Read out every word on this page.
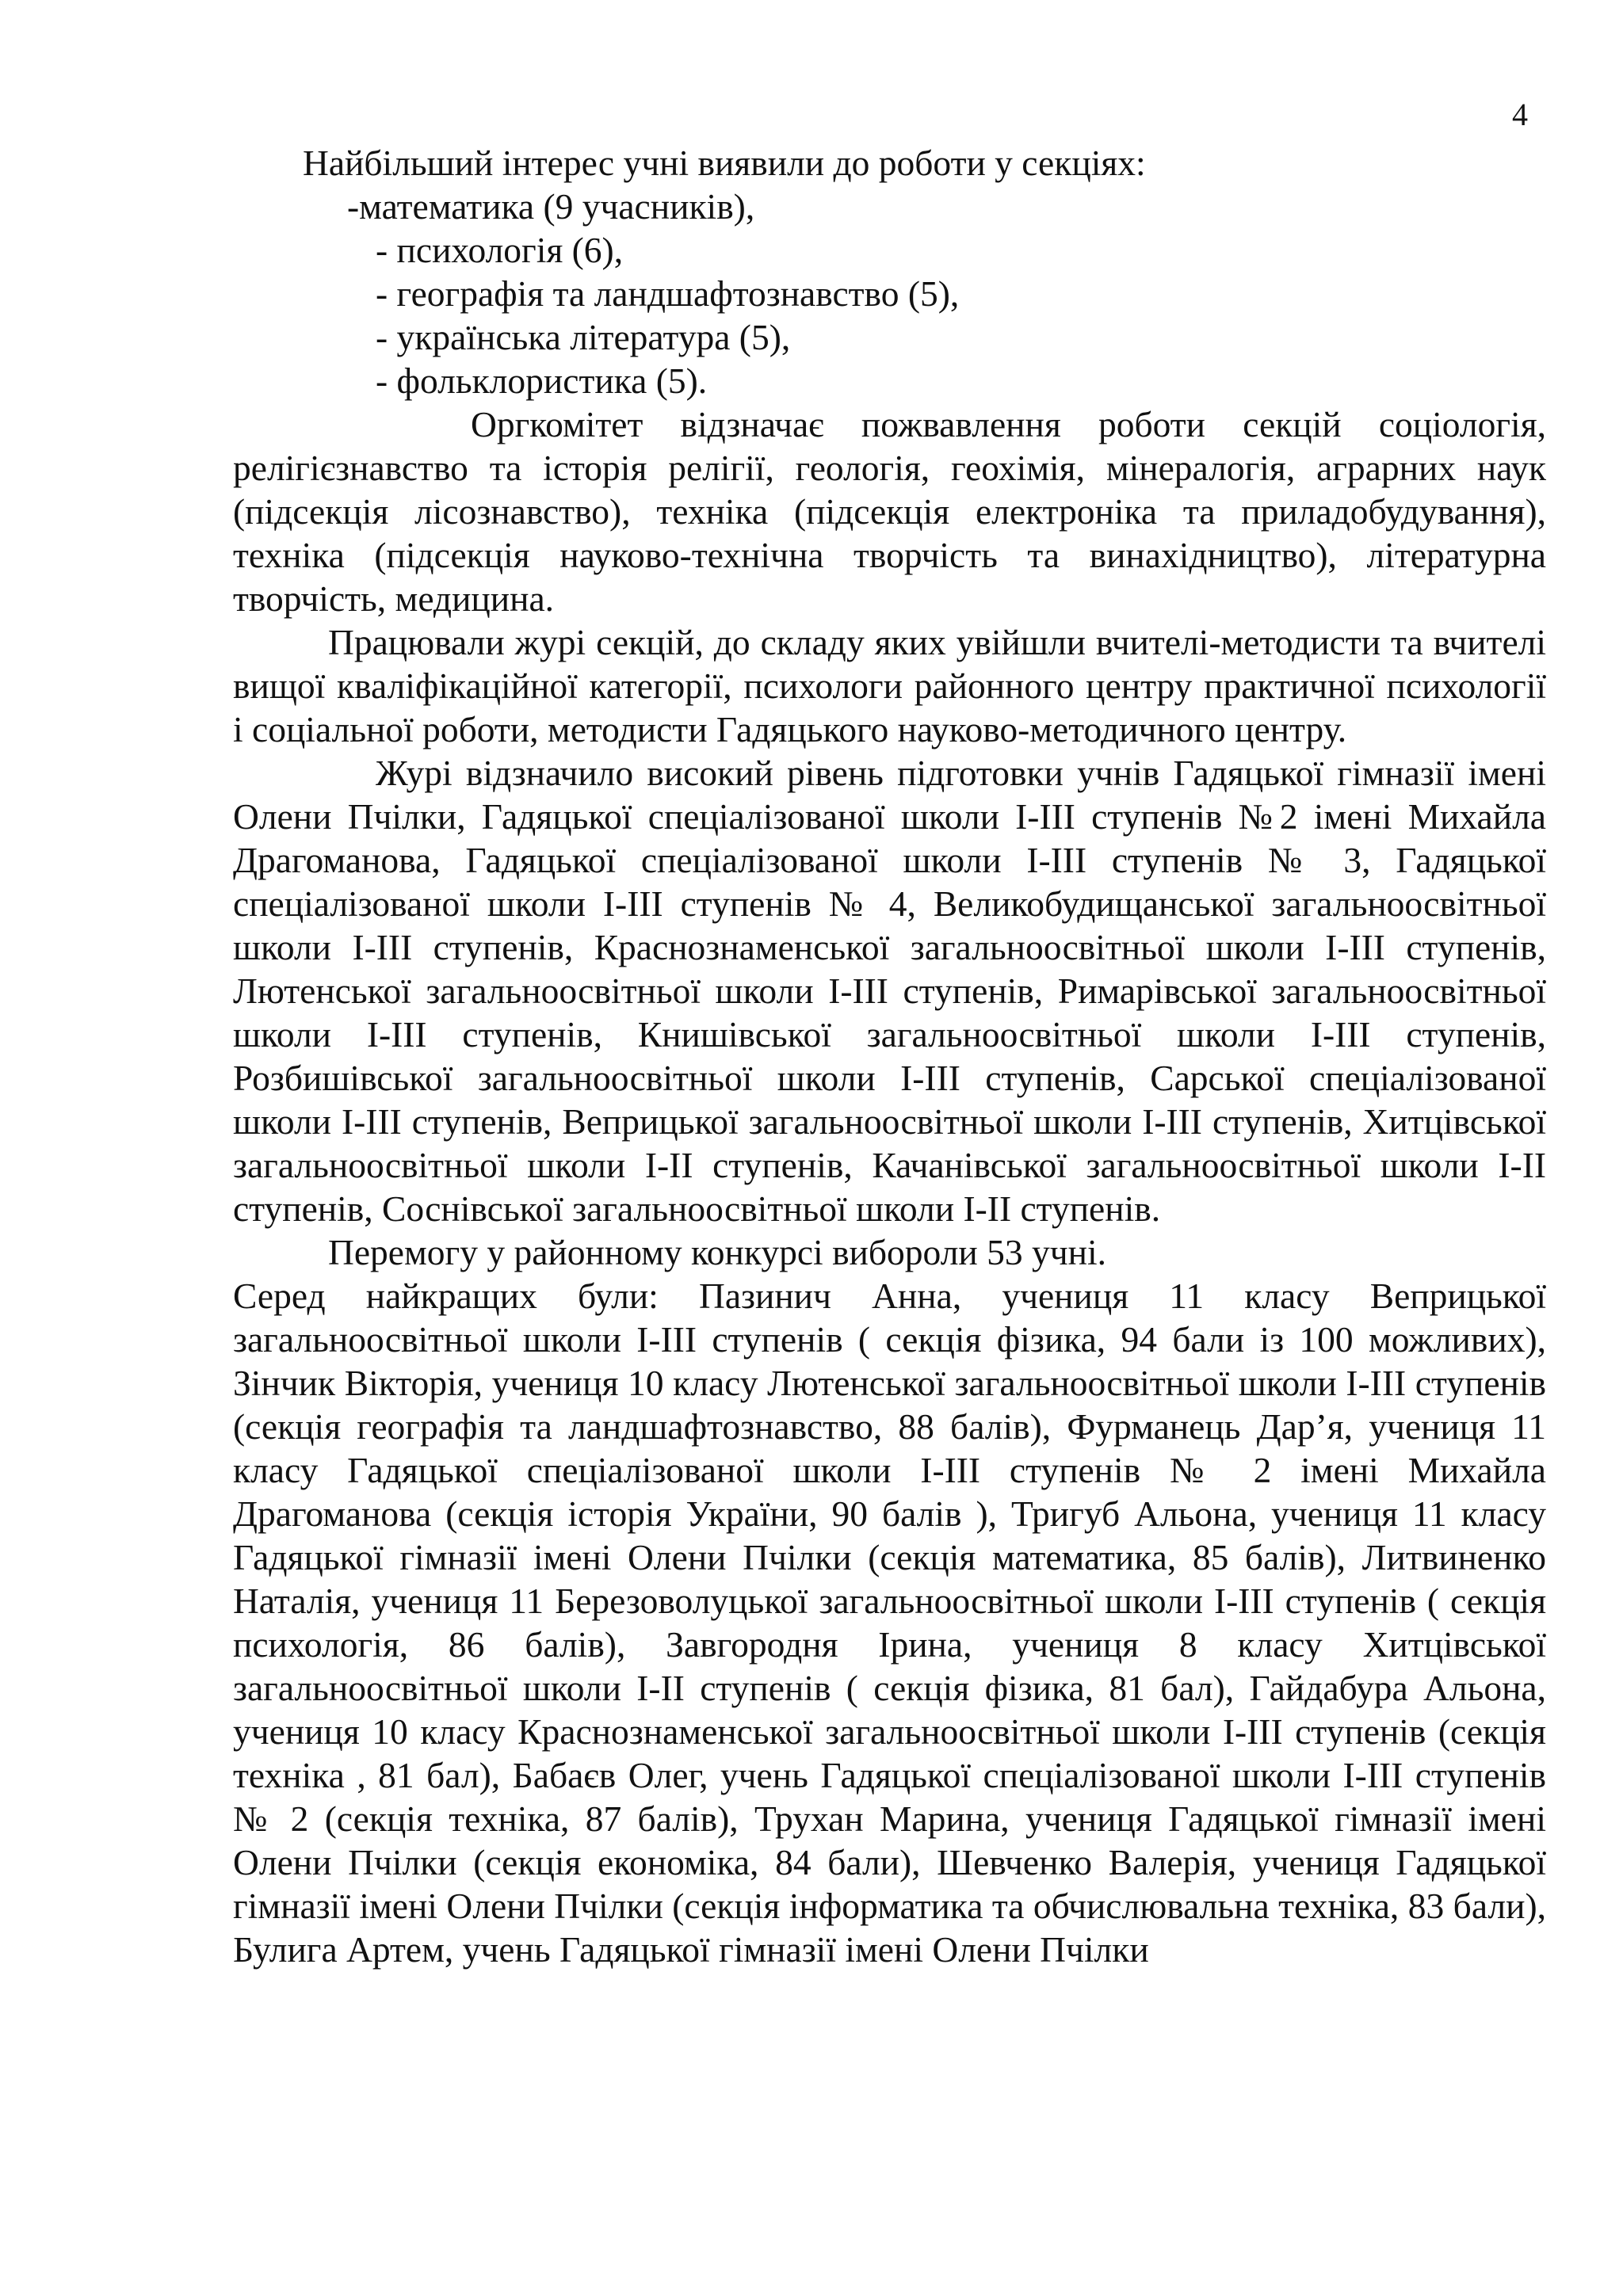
4

Найбільший інтерес учні виявили до роботи у секціях:

-математика (9 учасників),
- психологія (6),
- географія та ландшафтознавство (5),
- українська література (5),
- фольклористика (5).

Оргкомітет відзначає пожвавлення роботи секцій соціологія, релігієзнавство та історія релігії, геологія, геохімія, мінералогія, аграрних наук (підсекція лісознавство), техніка (підсекція електроніка та приладобудування), техніка (підсекція науково-технічна творчість та винахідництво), літературна творчість, медицина.

Працювали журі секцій, до складу яких увійшли вчителі-методисти та вчителі вищої кваліфікаційної категорії, психологи районного центру практичної психології і соціальної роботи, методисти Гадяцького науково-методичного центру.

Журі відзначило високий рівень підготовки учнів Гадяцької гімназії імені Олени Пчілки, Гадяцької спеціалізованої школи І-ІІІ ступенів №2 імені Михайла Драгоманова, Гадяцької спеціалізованої школи І-ІІІ ступенів № 3, Гадяцької спеціалізованої школи І-ІІІ ступенів № 4, Великобудищанської загальноосвітньої школи І-ІІІ ступенів, Краснознаменської загальноосвітньої школи І-ІІІ ступенів, Лютенської загальноосвітньої школи І-ІІІ ступенів, Римарівської загальноосвітньої школи І-ІІІ ступенів, Книшівської загальноосвітньої школи І-ІІІ ступенів, Розбишівської загальноосвітньої школи І-ІІІ ступенів, Сарської спеціалізованої школи І-ІІІ ступенів, Веприцької загальноосвітньої школи І-ІІІ ступенів, Хитцівської загальноосвітньої школи І-ІІ ступенів, Качанівської загальноосвітньої школи І-ІІ ступенів, Соснівської загальноосвітньої школи І-ІІ ступенів.

Перемогу у районному конкурсі вибороли 53 учні.

Серед найкращих були: Пазинич Анна, учениця 11 класу Веприцької загальноосвітньої школи І-ІІІ ступенів ( секція фізика, 94 бали із 100 можливих), Зінчик Вікторія, учениця 10 класу Лютенської загальноосвітньої школи І-ІІІ ступенів (секція географія та ландшафтознавство, 88 балів), Фурманець Дар’я, учениця 11 класу Гадяцької спеціалізованої школи І-ІІІ ступенів № 2 імені Михайла Драгоманова (секція історія України, 90 балів ), Тригуб Альона, учениця 11 класу Гадяцької гімназії імені Олени Пчілки (секція математика, 85 балів), Литвиненко Наталія, учениця 11 Березоволуцької загальноосвітньої школи І-ІІІ ступенів ( секція психологія, 86 балів), Завгородня Ірина, учениця 8 класу Хитцівської загальноосвітньої школи І-ІІ ступенів ( секція фізика, 81 бал), Гайдабура Альона, учениця 10 класу Краснознаменської загальноосвітньої школи І-ІІІ ступенів (секція техніка , 81 бал), Бабаєв Олег, учень Гадяцької спеціалізованої школи І-ІІІ ступенів № 2 (секція техніка, 87 балів), Трухан Марина, учениця Гадяцької гімназії імені Олени Пчілки (секція економіка, 84 бали), Шевченко Валерія, учениця Гадяцької гімназії імені Олени Пчілки (секція інформатика та обчислювальна техніка, 83 бали), Булига Артем, учень Гадяцької гімназії імені Олени Пчілки
